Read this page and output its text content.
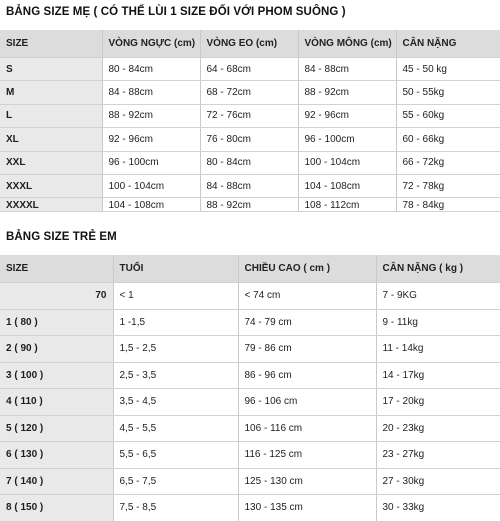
BẢNG SIZE MẸ ( CÓ THỂ LÙI 1 SIZE ĐỐI VỚI PHOM SUÔNG )
SIZE	VÒNG NGỰC (cm)	VÒNG EO (cm)	VÒNG MÔNG (cm)	CÂN NẶNG
S	80 - 84cm	64 - 68cm	84 - 88cm	45 - 50 kg
M	84 - 88cm	68 - 72cm	88 - 92cm	50 - 55kg
L	88 - 92cm	72 - 76cm	92 - 96cm	55 - 60kg
XL	92 - 96cm	76 - 80cm	96 - 100cm	60 - 66kg
XXL	96 - 100cm	80 - 84cm	100 - 104cm	66 - 72kg
XXXL	100 - 104cm	84 - 88cm	104 - 108cm	72 - 78kg
XXXXL	104 - 108cm	88 - 92cm	108 - 112cm	78 - 84kg
BẢNG SIZE TRẺ EM
SIZE	TUỔI	CHIỀU CAO ( cm )	CÂN NẶNG ( kg )
70	< 1	< 74 cm	7 - 9KG
1 ( 80 )	1 -1,5	74 - 79 cm	9 - 11kg
2 ( 90 )	1,5 - 2,5	79 - 86 cm	11 - 14kg
3 ( 100 )	2,5 - 3,5	86 - 96 cm	14 - 17kg
4 ( 110 )	3,5 - 4,5	96 - 106 cm	17 - 20kg
5 ( 120 )	4,5 - 5,5	106 - 116 cm	20 - 23kg
6 ( 130 )	5,5 - 6,5	116 - 125 cm	23 - 27kg
7 ( 140 )	6,5 - 7,5	125 - 130 cm	27 - 30kg
8 ( 150 )	7,5 - 8,5	130 - 135 cm	30 - 33kg
